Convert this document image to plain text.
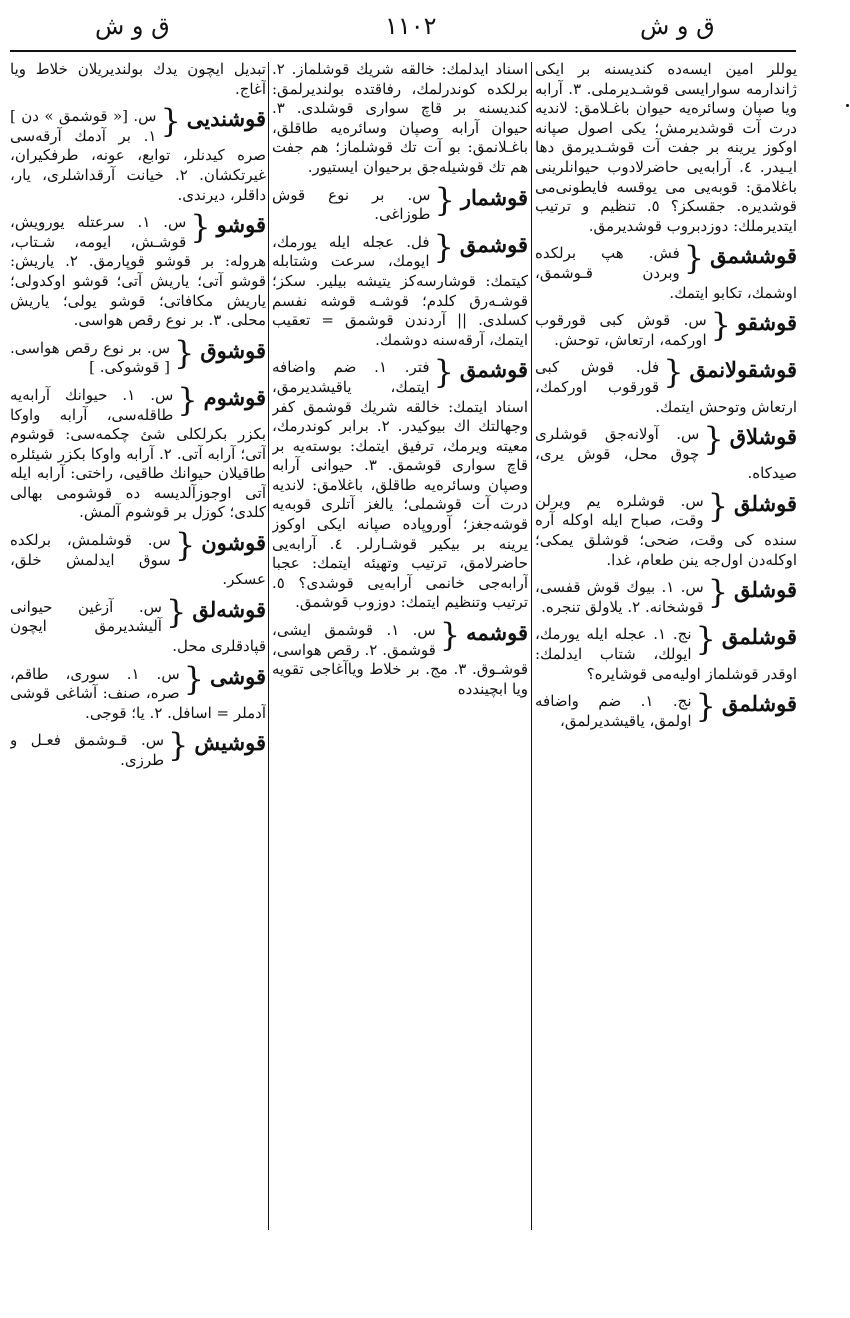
ق و ش	١١٠٢	ق و ش
يوللر امين ايسه‌ده كنديسنه بر ايكى ژاندارمه سوارايسى قوشـديرملى. ٣. آرابه ويا صپان وسائره‌يه حيوان باغـلامق: لانديه درت آت قوشديرمش؛ يكى اصول صپانه اوكوز يرينه بر جفت آت قوشـديرمق دها ايـيدر. ٤. آرابه‌يى حاضرلادوب حيوانلرينى باغلامق: قوبه‌يى مى يوقسه فايطونى‌مى قوشديره. جقسكز؟ ٥. تنظيم و ترتيب ايتديرملك: دوزدبروب قوشديرمق.
قوششمق
{
فش. هپ برلكده وبردن قـوشمق، اوشمك، تكابو ايتمك.
قوشقو
{
س. قوش كبى قورقوب اوركمه، ارتعاش، توحش.
قوشقولانمق
{
فل. قوش كبى قورقوب اوركمك، ارتعاش وتوحش ايتمك.
قوشلاق
{
س. آولانه‌جق قوشلرى چوق محل، قوش يرى، صيدكاه.
قوشلق
{
س. قوشلره يم ويرلن وقت، صباح ايله اوكله آره سنده كى وقت، ضحى؛ قوشلق يمكى؛ اوكله‌دن اول‌جه ينن طعام، غدا.
قوشلق
{
س. ١. بيوك قوش قفسى، قوشخانه. ٢. يلاولق تنجره.
قوشلمق
{
نج. ١. عجله ايله يورمك، ايولك، شتاب ايدلمك: اوقدر قوشلماز اوليه‌مى قوشايره؟
قوشلمق
{
نج. ١. ضم واضافه اولمق، ياقيشديرلمق،
اسناد ايدلمك: خالقه شريك قوشلماز. ٢. برلكده كوندرلمك، رفاقتده بولنديرلمق: كنديسنه بر قاچ سوارى قوشلدى. ٣. حيوان آرابه وصپان وسائره‌يه طاقلق، باغـلانمق: بو آت تك قوشلماز؛ هم جفت هم تك قوشيله‌جق برحيوان ايستيور.
قوشمار
{
س. بر نوع قوش طوزاغى.
قوشمق
{
فل. عجله ايله يورمك، ايومك، سرعت وشتابله كيتمك: قوشارسه‌كز يتيشه بيلير. سكز؛ قوشـه‌رق كلدم؛ قوشـه قوشه نفسم كسلدى. || آردندن قوشمق = تعقيب ايتمك، آرقه‌سنه دوشمك.
قوشمق
{
فتر. ١. ضم واضافه ايتمك، ياقيشديرمق، اسناد ايتمك: خالقه شريك قوشمق كفر وجهالتك اك بيوكيدر. ٢. برابر كوندرمك، معيته ويرمك، ترفيق ايتمك: بوسته‌يه بر قاچ سوارى قوشمق. ٣. حيوانى آرابه وصپان وسائره‌يه طاقلق، باغلامق: لانديه درت آت قوشملى؛ يالغز آتلرى قوبه‌يه قوشه‌جغز؛ آوروپاده صپانه ايكى اوكوز يرينه بر بيكير قوشـارلر. ٤. آرابه‌يى حاضرلامق، ترتيب وتهيئه ايتمك: عجبا آرابه‌جى خانمى آرابه‌يى قوشدى؟ ٥. ترتيب وتنظيم ايتمك: دوزوب قوشمق.
قوشمه
{
س. ١. قوشمق ايشى، قوشمق. ٢. رقص هواسى، قوشـوق. ٣. مج. بر خلاط وياآغاجى تقويه ويا ابچيندده
تبديل ايچون يدك بولنديريلان خلاط ويا آغاج.
قوشنديى
{
س. [« قوشمق » دن ] ١. بر آدمك آرقه‌سى صره كيدنلر، توابع، عونه، طرفكيران، غيرتكشان. ٢. خيانت آرقداشلرى، يار، داقلر، ديرندى.
قوشو
{
س. ١. سرعتله يورويش، قوشـش، ايومه، شـتاب، هروله: بر قوشو قوپارمق. ٢. ياريش: قوشو آتى؛ ياريش آتى؛ قوشو اوكدولى؛ ياريش مكافاتى؛ قوشو يولى؛ ياريش محلى. ٣. بر نوع رقص هواسى.
قوشوق
{
س. بر نوع رقص هواسى. [ قوشوكى. ]
قوشوم
{
س. ١. حيوانك آرابه‌يه طاقله‌سى، آرابه واوكا بكزر بكرلكلى شئ چكمه‌سى: قوشوم آتى؛ آرابه آتى. ٢. آرابه واوكا بكزر شيئلره طاقيلان حيوانك طاقيى، راختى: آرابه ايله آتى اوجوزآلديسه ده قوشومى بهالى كلدى؛ كوزل بر قوشوم آلمش.
قوشون
{
س. قوشلمش، برلكده سوق ايدلمش خلق، عسكر.
قوشه‌لق
{
س. آزغين حيوانى آليشديرمق ايچون قپادقلرى محل.
قوشى
{
س. ١. سورى، طاقم، صره، صنف: آشاغى قوشى آدملر = اسافل. ٢. يا؛ قوجى.
قوشيش
{
س. قـوشمق فعـل و طرزى.
